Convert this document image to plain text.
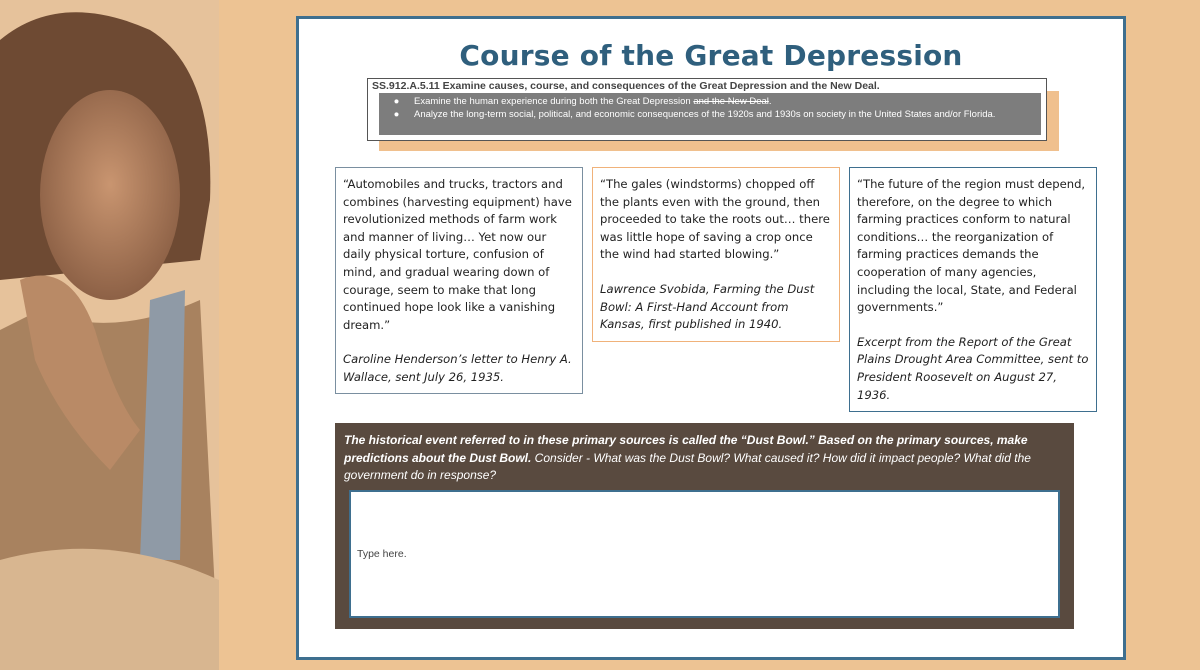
Course of the Great Depression
SS.912.A.5.11 Examine causes, course, and consequences of the Great Depression and the New Deal.
●	Examine the human experience during both the Great Depression and the New Deal.
●	Analyze the long-term social, political, and economic consequences of the 1920s and 1930s on society in the United States and/or Florida.

“Automobiles and trucks, tractors and combines (harvesting equipment) have revolutionized methods of farm work and manner of living… Yet now our daily physical torture, confusion of mind, and gradual wearing down of courage, seem to make that long continued hope look like a vanishing dream.”

Caroline Henderson’s letter to Henry A. Wallace, sent July 26, 1935.

“The gales (windstorms) chopped off the plants even with the ground, then proceeded to take the roots out… there was little hope of saving a crop once the wind had started blowing.”

Lawrence Svobida, Farming the Dust Bowl: A First-Hand Account from Kansas, first published in 1940.

“The future of the region must depend, therefore, on the degree to which farming practices conform to natural conditions… the reorganization of farming practices demands the cooperation of many agencies, including the local, State, and Federal governments.”

Excerpt from the Report of the Great Plains Drought Area Committee, sent to President Roosevelt on August 27, 1936.

The historical event referred to in these primary sources is called the “Dust Bowl.” Based on the primary sources, make predictions about the Dust Bowl. Consider - What was the Dust Bowl? What caused it? How did it impact people? What did the government do in response?
Type here.
